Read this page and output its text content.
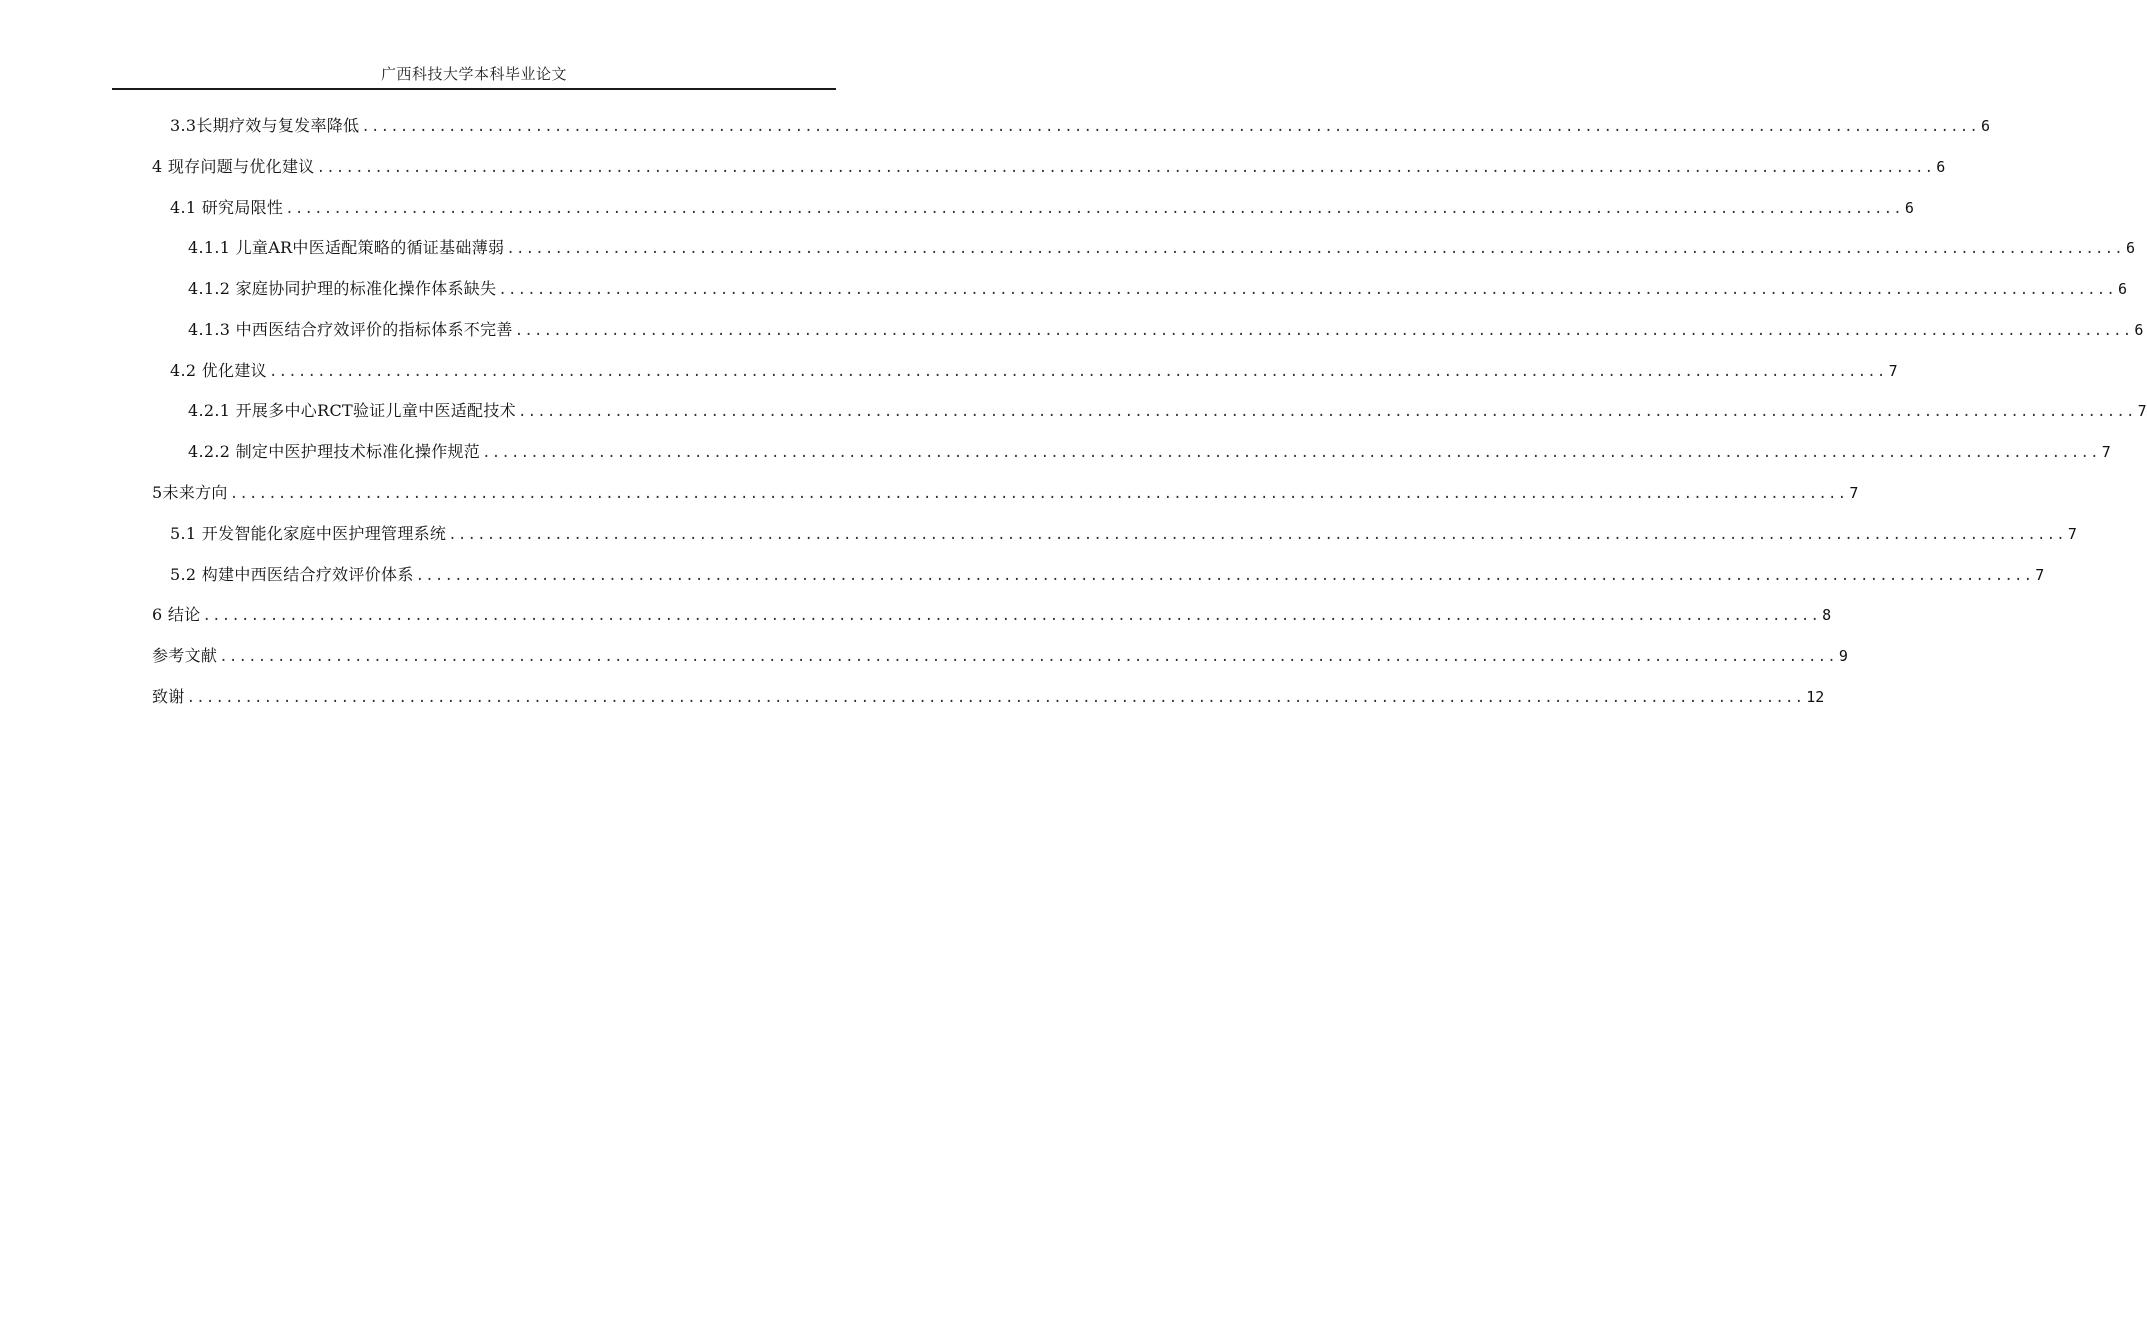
广西科技大学本科毕业论文
3.3长期疗效与复发率降低 ........................................................................................................................................................................ 6
4 现存问题与优化建议 ........................................................................................................................................................................ 6
4.1 研究局限性 ........................................................................................................................................................................ 6
4.1.1 儿童AR中医适配策略的循证基础薄弱 ........................................................................................................................................................................ 6
4.1.2 家庭协同护理的标准化操作体系缺失 ........................................................................................................................................................................ 6
4.1.3 中西医结合疗效评价的指标体系不完善 ........................................................................................................................................................................ 6
4.2 优化建议 ........................................................................................................................................................................ 7
4.2.1 开展多中心RCT验证儿童中医适配技术 ........................................................................................................................................................................ 7
4.2.2 制定中医护理技术标准化操作规范 ........................................................................................................................................................................ 7
5未来方向 ........................................................................................................................................................................ 7
5.1 开发智能化家庭中医护理管理系统 ........................................................................................................................................................................ 7
5.2 构建中西医结合疗效评价体系 ........................................................................................................................................................................ 7
6 结论 ........................................................................................................................................................................ 8
参考文献 ........................................................................................................................................................................ 9
致谢 ........................................................................................................................................................................ 12
